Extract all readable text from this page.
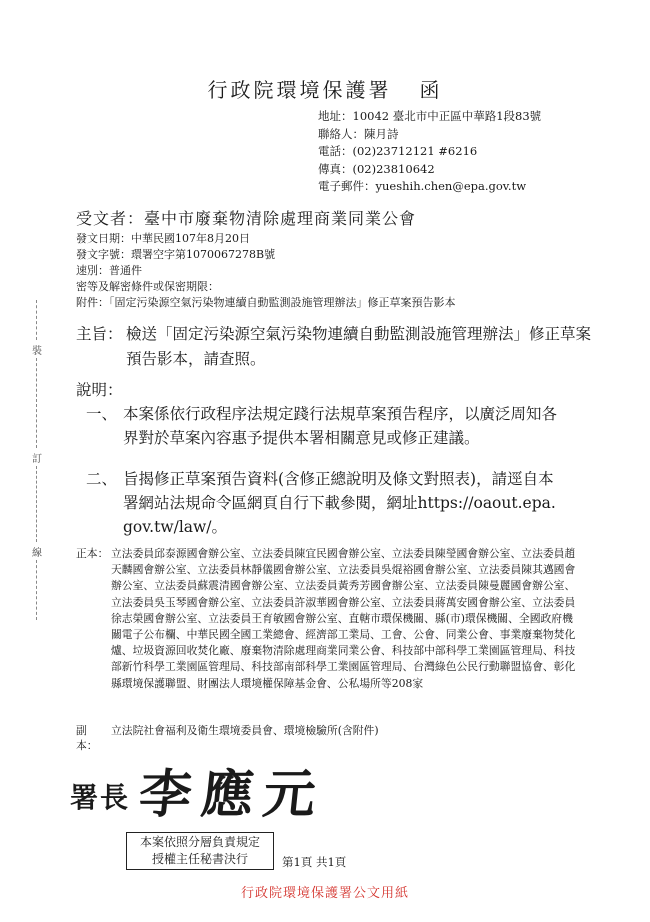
行政院環境保護署 函
地址：10042 臺北市中正區中華路1段83號
聯絡人：陳月詩
電話：(02)23712121 #6216
傳真：(02)23810642
電子郵件：yueshih.chen@epa.gov.tw
受文者：臺中市廢棄物清除處理商業同業公會
發文日期：中華民國107年8月20日
發文字號：環署空字第1070067278B號
速別：普通件
密等及解密條件或保密期限：
附件：「固定污染源空氣污染物連續自動監測設施管理辦法」修正草案預告影本
主旨： 檢送「固定污染源空氣污染物連續自動監測設施管理辦法」修正草案預告影本，請查照。
說明：
一、 本案係依行政程序法規定踐行法規草案預告程序，以廣泛周知各界對於草案內容惠予提供本署相關意見或修正建議。
二、 旨揭修正草案預告資料(含修正總說明及條文對照表)，請逕自本署網站法規命令區網頁自行下載參閱，網址https://oaout.epa.gov.tw/law/。
正本： 立法委員邱泰源國會辦公室、立法委員陳宜民國會辦公室、立法委員陳瑩國會辦公室、立法委員趙天麟國會辦公室、立法委員林靜儀國會辦公室、立法委員吳焜裕國會辦公室、立法委員陳其邁國會辦公室、立法委員蘇震清國會辦公室、立法委員黃秀芳國會辦公室、立法委員陳曼麗國會辦公室、立法委員吳玉琴國會辦公室、立法委員許淑華國會辦公室、立法委員蔣萬安國會辦公室、立法委員徐志榮國會辦公室、立法委員王育敏國會辦公室、直轄市環保機關、縣(市)環保機關、全國政府機關電子公布欄、中華民國全國工業總會、經濟部工業局、工會、公會、同業公會、事業廢棄物焚化爐、垃圾資源回收焚化廠、廢棄物清除處理商業同業公會、科技部中部科學工業園區管理局、科技部新竹科學工業園區管理局、科技部南部科學工業園區管理局、台灣綠色公民行動聯盟協會、彰化縣環境保護聯盟、財團法人環境權保障基金會、公私場所等208家
副本：
立法院社會福利及衛生環境委員會、環境檢驗所(含附件)
署長 李應元
本案依照分層負責規定
授權主任秘書決行	第1頁 共1頁
行政院環境保護署公文用紙
裝
訂
線
